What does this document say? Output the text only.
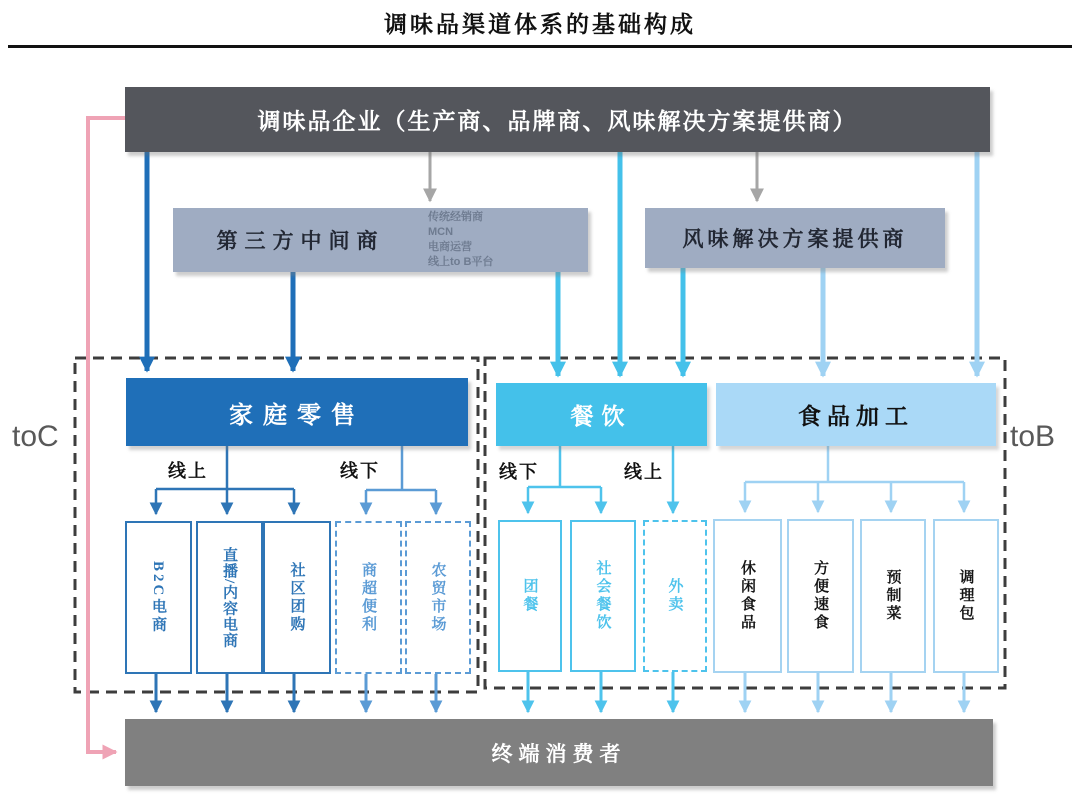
调味品渠道体系的基础构成
调味品企业（生产商、品牌商、风味解决方案提供商）
第三方中间商
传统经销商
MCN
电商运营
线上to B平台
风味解决方案提供商
toC	toB
家庭零售	餐饮	食品加工
线上	线下	线下	线上
B2C电商	直播/内容电商	社区团购	商超便利	农贸市场	团餐	社会餐饮	外卖	休闲食品	方便速食	预制菜	调理包
终端消费者
